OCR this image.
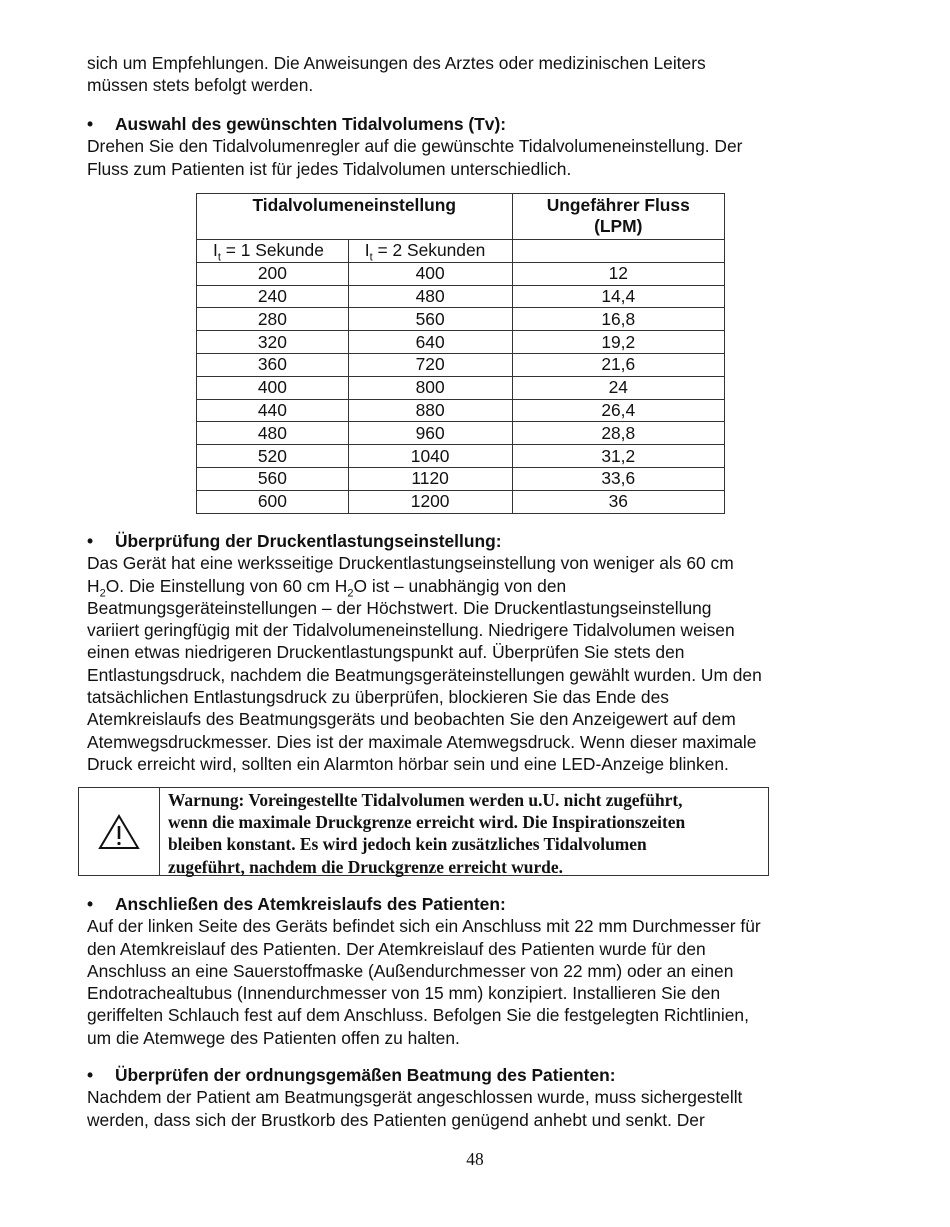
sich um Empfehlungen. Die Anweisungen des Arztes oder medizinischen Leiters
müssen stets befolgt werden.
• Auswahl des gewünschten Tidalvolumens (Tv):
Drehen Sie den Tidalvolumenregler auf die gewünschte Tidalvolumeneinstellung. Der
Fluss zum Patienten ist für jedes Tidalvolumen unterschiedlich.
Tidalvolumeneinstellung		Ungefährer Fluss
(LPM)

$I_t = 1$ Sekunde	$I_t = 2$ Sekunden	
200	400	12
240	480	14,4
280	560	16,8
320	640	19,2
360	720	21,6
400	800	24
440	880	26,4
480	960	28,8
520	1040	31,2
560	1120	33,6
600	1200	36
• Überprüfung der Druckentlastungseinstellung:
Das Gerät hat eine werksseitige Druckentlastungseinstellung von weniger als 60 cm
$H_2O$. Die Einstellung von 60 cm $H_2O$ ist – unabhängig von den
Beatmungsgeräteinstellungen – der Höchstwert. Die Druckentlastungseinstellung
variiert geringfügig mit der Tidalvolumeneinstellung. Niedrigere Tidalvolumen weisen
einen etwas niedrigeren Druckentlastungspunkt auf. Überprüfen Sie stets den
Entlastungsdruck, nachdem die Beatmungsgeräteinstellungen gewählt wurden. Um den
tatsächlichen Entlastungsdruck zu überprüfen, blockieren Sie das Ende des
Atemkreislaufs des Beatmungsgeräts und beobachten Sie den Anzeigewert auf dem
Atemwegsdruckmesser. Dies ist der maximale Atemwegsdruck. Wenn dieser maximale
Druck erreicht wird, sollten ein Alarmton hörbar sein und eine LED-Anzeige blinken.
Warnung: Voreingestellte Tidalvolumen werden u.U. nicht zugeführt,
wenn die maximale Druckgrenze erreicht wird. Die Inspirationszeiten
bleiben konstant. Es wird jedoch kein zusätzliches Tidalvolumen
zugeführt, nachdem die Druckgrenze erreicht wurde.
• Anschließen des Atemkreislaufs des Patienten:
Auf der linken Seite des Geräts befindet sich ein Anschluss mit 22 mm Durchmesser für
den Atemkreislauf des Patienten. Der Atemkreislauf des Patienten wurde für den
Anschluss an eine Sauerstoffmaske (Außendurchmesser von 22 mm) oder an einen
Endotrachealtubus (Innendurchmesser von 15 mm) konzipiert. Installieren Sie den
geriffelten Schlauch fest auf dem Anschluss. Befolgen Sie die festgelegten Richtlinien,
um die Atemwege des Patienten offen zu halten.
• Überprüfen der ordnungsgemäßen Beatmung des Patienten:
Nachdem der Patient am Beatmungsgerät angeschlossen wurde, muss sichergestellt
werden, dass sich der Brustkorb des Patienten genügend anhebt und senkt. Der
48
